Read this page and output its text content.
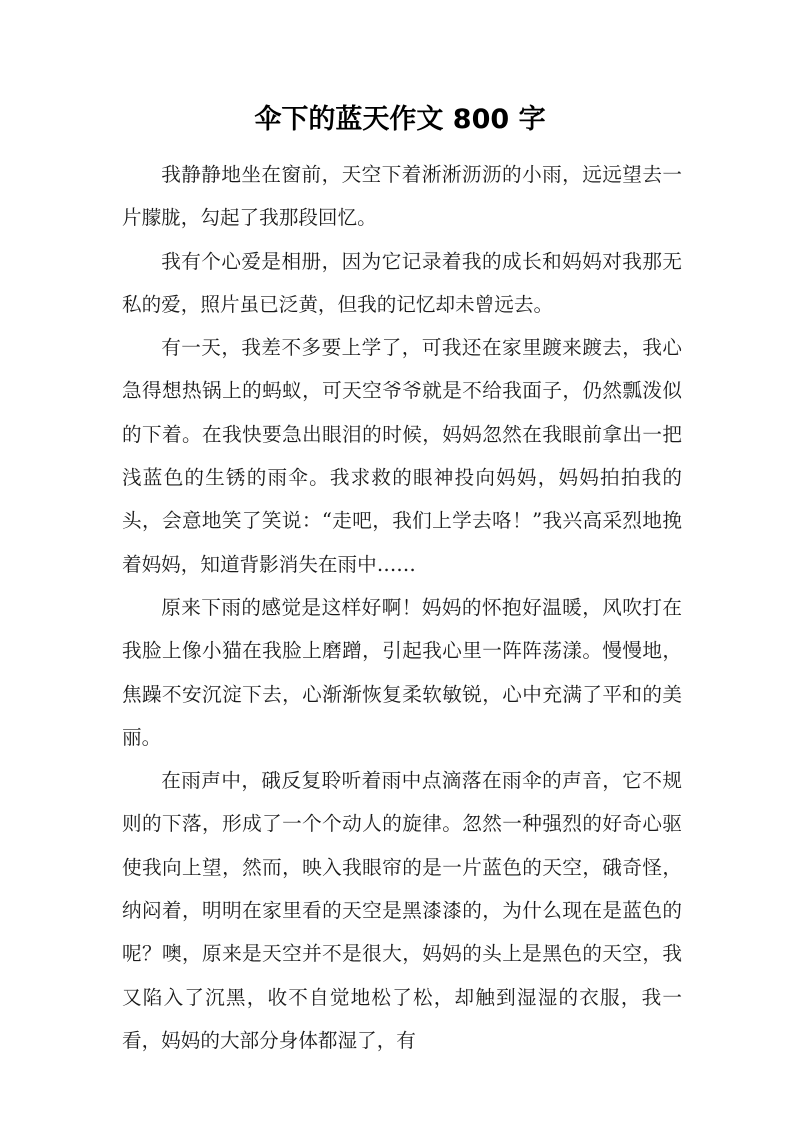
伞下的蓝天作文 800 字

我静静地坐在窗前，天空下着淅淅沥沥的小雨，远远望去一片朦胧，勾起了我那段回忆。

我有个心爱是相册，因为它记录着我的成长和妈妈对我那无私的爱，照片虽已泛黄，但我的记忆却未曾远去。

有一天，我差不多要上学了，可我还在家里踱来踱去，我心急得想热锅上的蚂蚁，可天空爷爷就是不给我面子，仍然瓢泼似的下着。在我快要急出眼泪的时候，妈妈忽然在我眼前拿出一把浅蓝色的生锈的雨伞。我求救的眼神投向妈妈，妈妈拍拍我的头，会意地笑了笑说：“走吧，我们上学去咯！”我兴高采烈地挽着妈妈，知道背影消失在雨中……

原来下雨的感觉是这样好啊！妈妈的怀抱好温暖，风吹打在我脸上像小猫在我脸上磨蹭，引起我心里一阵阵荡漾。慢慢地，焦躁不安沉淀下去，心渐渐恢复柔软敏锐，心中充满了平和的美丽。

在雨声中，硪反复聆听着雨中点滴落在雨伞的声音，它不规则的下落，形成了一个个动人的旋律。忽然一种强烈的好奇心驱使我向上望，然而，映入我眼帘的是一片蓝色的天空，硪奇怪，纳闷着，明明在家里看的天空是黑漆漆的，为什么现在是蓝色的呢？噢，原来是天空并不是很大，妈妈的头上是黑色的天空，我又陷入了沉黑，收不自觉地松了松，却触到湿湿的衣服，我一看，妈妈的大部分身体都湿了，有
